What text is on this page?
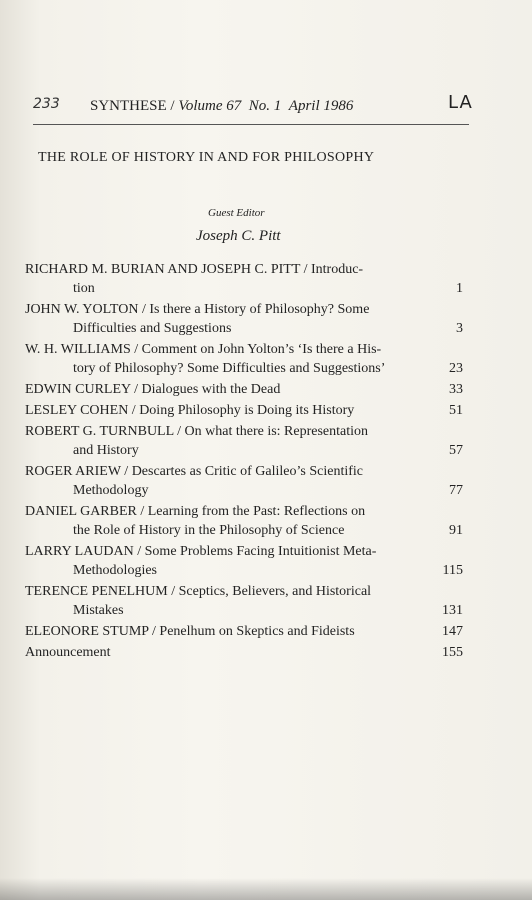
233 SYNTHESE / Volume 67 No. 1 April 1986	LA
THE ROLE OF HISTORY IN AND FOR PHILOSOPHY
Guest Editor
Joseph C. Pitt
RICHARD M. BURIAN AND JOSEPH C. PITT / Introduc-
tion	1
JOHN W. YOLTON / Is there a History of Philosophy? Some
Difficulties and Suggestions	3
W. H. WILLIAMS / Comment on John Yolton’s ‘Is there a His-
tory of Philosophy? Some Difficulties and Suggestions’	23
EDWIN CURLEY / Dialogues with the Dead	33
LESLEY COHEN / Doing Philosophy is Doing its History	51
ROBERT G. TURNBULL / On what there is: Representation
and History	57
ROGER ARIEW / Descartes as Critic of Galileo’s Scientific
Methodology	77
DANIEL GARBER / Learning from the Past: Reflections on
the Role of History in the Philosophy of Science	91
LARRY LAUDAN / Some Problems Facing Intuitionist Meta-
Methodologies	115
TERENCE PENELHUM / Sceptics, Believers, and Historical
Mistakes	131
ELEONORE STUMP / Penelhum on Skeptics and Fideists	147
Announcement	155
